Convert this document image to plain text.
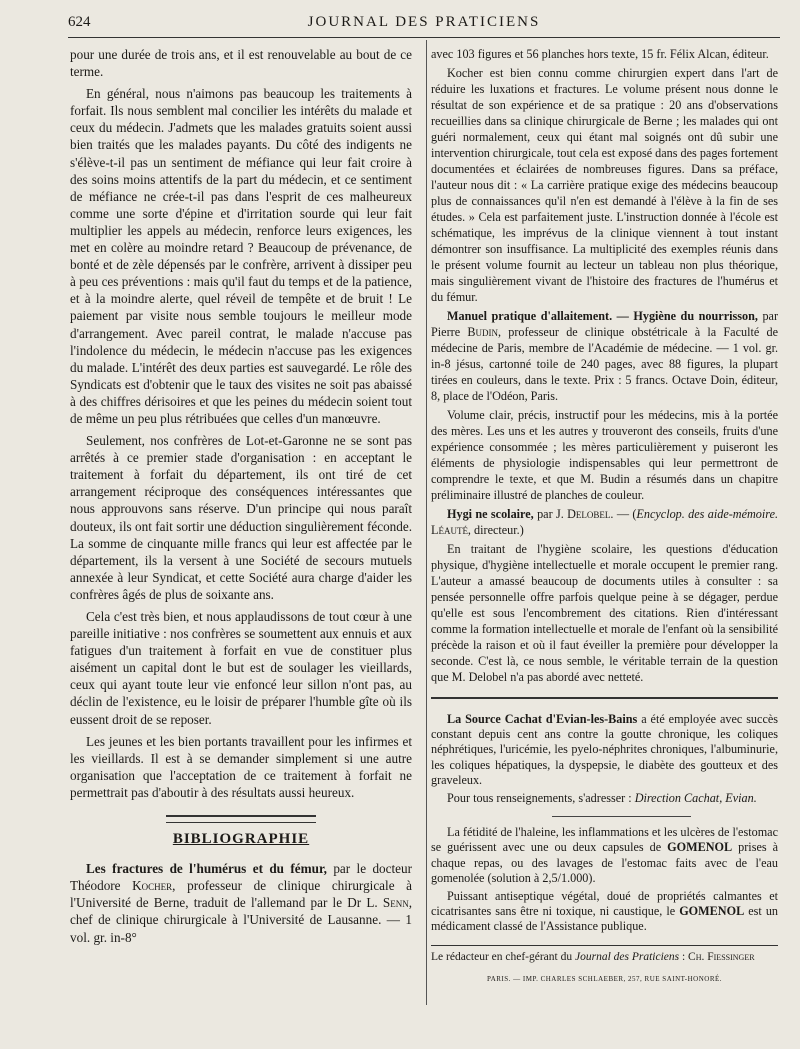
624	JOURNAL DES PRATICIENS

pour une durée de trois ans, et il est renouvelable au bout de ce terme.

En général, nous n'aimons pas beaucoup les traitements à forfait. Ils nous semblent mal concilier les intérêts du malade et ceux du médecin. J'admets que les malades gratuits soient aussi bien traités que les malades payants. Du côté des indigents ne s'élève-t-il pas un sentiment de méfiance qui leur fait croire à des soins moins attentifs de la part du médecin, et ce sentiment de méfiance ne crée-t-il pas dans l'esprit de ces malheureux comme une sorte d'épine et d'irritation sourde qui leur fait multiplier les appels au médecin, renforce leurs exigences, les met en colère au moindre retard ? Beaucoup de prévenance, de bonté et de zèle dépensés par le confrère, arrivent à dissiper peu à peu ces préventions : mais qu'il faut du temps et de la patience, et à la moindre alerte, quel réveil de tempête et de bruit ! Le paiement par visite nous semble toujours le meilleur mode d'arrangement. Avec pareil contrat, le malade n'accuse pas l'indolence du médecin, le médecin n'accuse pas les exigences du malade. L'intérêt des deux parties est sauvegardé. Le rôle des Syndicats est d'obtenir que le taux des visites ne soit pas abaissé à des chiffres dérisoires et que les peines du médecin soient tout de même un peu plus rétribuées que celles d'un manœuvre.

Seulement, nos confrères de Lot-et-Garonne ne se sont pas arrêtés à ce premier stade d'organisation : en acceptant le traitement à forfait du département, ils ont tiré de cet arrangement réciproque des conséquences intéressantes que nous approuvons sans réserve. D'un principe qui nous paraît douteux, ils ont fait sortir une déduction singulièrement féconde. La somme de cinquante mille francs qui leur est affectée par le département, ils la versent à une Société de secours mutuels annexée à leur Syndicat, et cette Société aura charge d'aider les confrères âgés de plus de soixante ans.

Cela c'est très bien, et nous applaudissons de tout cœur à une pareille initiative : nos confrères se soumettent aux ennuis et aux fatigues d'un traitement à forfait en vue de constituer plus aisément un capital dont le but est de soulager les vieillards, ceux qui ayant toute leur vie enfoncé leur sillon n'ont pas, au déclin de l'existence, eu le loisir de préparer l'humble gîte où ils eussent droit de se reposer.

Les jeunes et les bien portants travaillent pour les infirmes et les vieillards. Il est à se demander simplement si une autre organisation que l'acceptation de ce traitement à forfait ne permettrait pas d'aboutir à des résultats aussi heureux.

BIBLIOGRAPHIE

Les fractures de l'humérus et du fémur, par le docteur Théodore Kocher, professeur de clinique chirurgicale à l'Université de Berne, traduit de l'allemand par le Dr L. Senn, chef de clinique chirurgicale à l'Université de Lausanne. — 1 vol. gr. in-8°

avec 103 figures et 56 planches hors texte, 15 fr. Félix Alcan, éditeur.

Kocher est bien connu comme chirurgien expert dans l'art de réduire les luxations et fractures. Le volume présent nous donne le résultat de son expérience et de sa pratique : 20 ans d'observations recueillies dans sa clinique chirurgicale de Berne ; les malades qui ont guéri normalement, ceux qui étant mal soignés ont dû subir une intervention chirurgicale, tout cela est exposé dans des pages fortement documentées et éclairées de nombreuses figures. Dans sa préface, l'auteur nous dit : « La carrière pratique exige des médecins beaucoup plus de connaissances qu'il n'en est demandé à l'élève à la fin de ses études. » Cela est parfaitement juste. L'instruction donnée à l'école est schématique, les imprévus de la clinique viennent à tout instant démontrer son insuffisance. La multiplicité des exemples réunis dans le présent volume fournit au lecteur un tableau non plus théorique, mais singulièrement vivant de l'histoire des fractures de l'humérus et du fémur.

Manuel pratique d'allaitement. — Hygiène du nourrisson, par Pierre Budin, professeur de clinique obstétricale à la Faculté de médecine de Paris, membre de l'Académie de médecine. — 1 vol. gr. in-8 jésus, cartonné toile de 240 pages, avec 88 figures, la plupart tirées en couleurs, dans le texte. Prix : 5 francs. Octave Doin, éditeur, 8, place de l'Odéon, Paris.

Volume clair, précis, instructif pour les médecins, mis à la portée des mères. Les uns et les autres y trouveront des conseils, fruits d'une expérience consommée ; les mères particulièrement y puiseront les éléments de physiologie indispensables qui leur permettront de comprendre le texte, et que M. Budin a résumés dans un chapitre préliminaire illustré de planches de couleur.

Hygi ne scolaire, par J. Delobel. — (Encyclop. des aide-mémoire. Léauté, directeur.)

En traitant de l'hygiène scolaire, les questions d'éducation physique, d'hygiène intellectuelle et morale occupent le premier rang. L'auteur a amassé beaucoup de documents utiles à consulter : sa pensée personnelle offre parfois quelque peine à se dégager, perdue qu'elle est sous l'encombrement des citations. Rien d'intéressant comme la formation intellectuelle et morale de l'enfant où la sensibilité précède la raison et où il faut éveiller la première pour développer la seconde. C'est là, ce nous semble, le véritable terrain de la question que M. Delobel n'a pas abordé avec netteté.

La Source Cachat d'Evian-les-Bains a été employée avec succès constant depuis cent ans contre la goutte chronique, les coliques néphrétiques, l'uricémie, les pyelo-néphrites chroniques, l'albuminurie, les coliques hépatiques, la dyspepsie, le diabète des goutteux et des graveleux.

Pour tous renseignements, s'adresser : Direction Cachat, Evian.

La fétidité de l'haleine, les inflammations et les ulcères de l'estomac se guérissent avec une ou deux capsules de GOMENOL prises à chaque repas, ou des lavages de l'estomac faits avec de l'eau gomenolée (solution à 2,5/1.000).

Puissant antiseptique végétal, doué de propriétés calmantes et cicatrisantes sans être ni toxique, ni caustique, le GOMENOL est un médicament classé de l'Assistance publique.

Le rédacteur en chef-gérant du Journal des Praticiens : Ch. Fiessinger
PARIS. — IMP. CHARLES SCHLAEBER, 257, RUE SAINT-HONORÉ.
